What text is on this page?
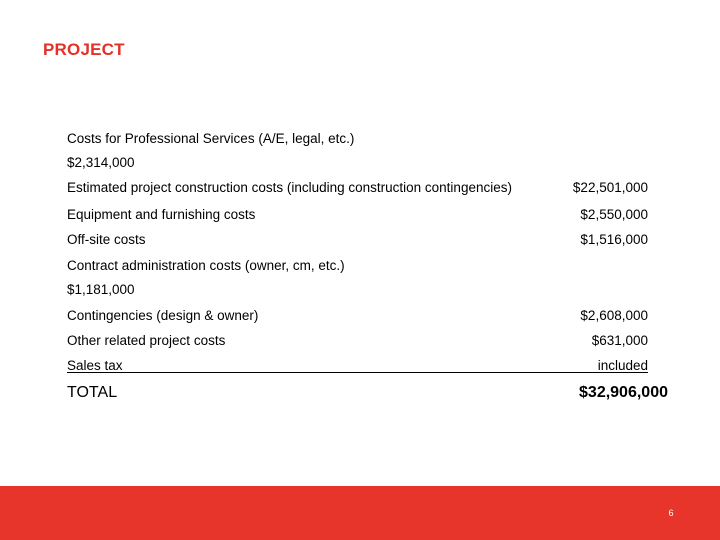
PROJECT
Costs for Professional Services (A/E, legal, etc.)
$2,314,000
Estimated project construction costs (including construction contingencies)	$22,501,000
Equipment and furnishing costs	$2,550,000
Off-site costs	$1,516,000
Contract administration costs (owner, cm, etc.)
$1,181,000
Contingencies (design & owner)	$2,608,000
Other related project costs	$631,000
Sales tax	included
TOTAL	$32,906,000
6
